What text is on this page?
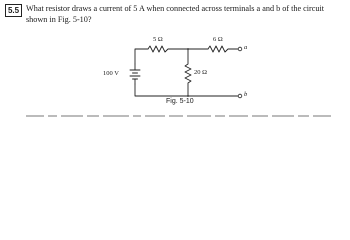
5.5 What resistor draws a current of 5 A when connected across terminals a and b of the circuit shown in Fig. 5-10?
5 Ω	6 Ω
20 Ω
100 V
a
b
Fig. 5-10
